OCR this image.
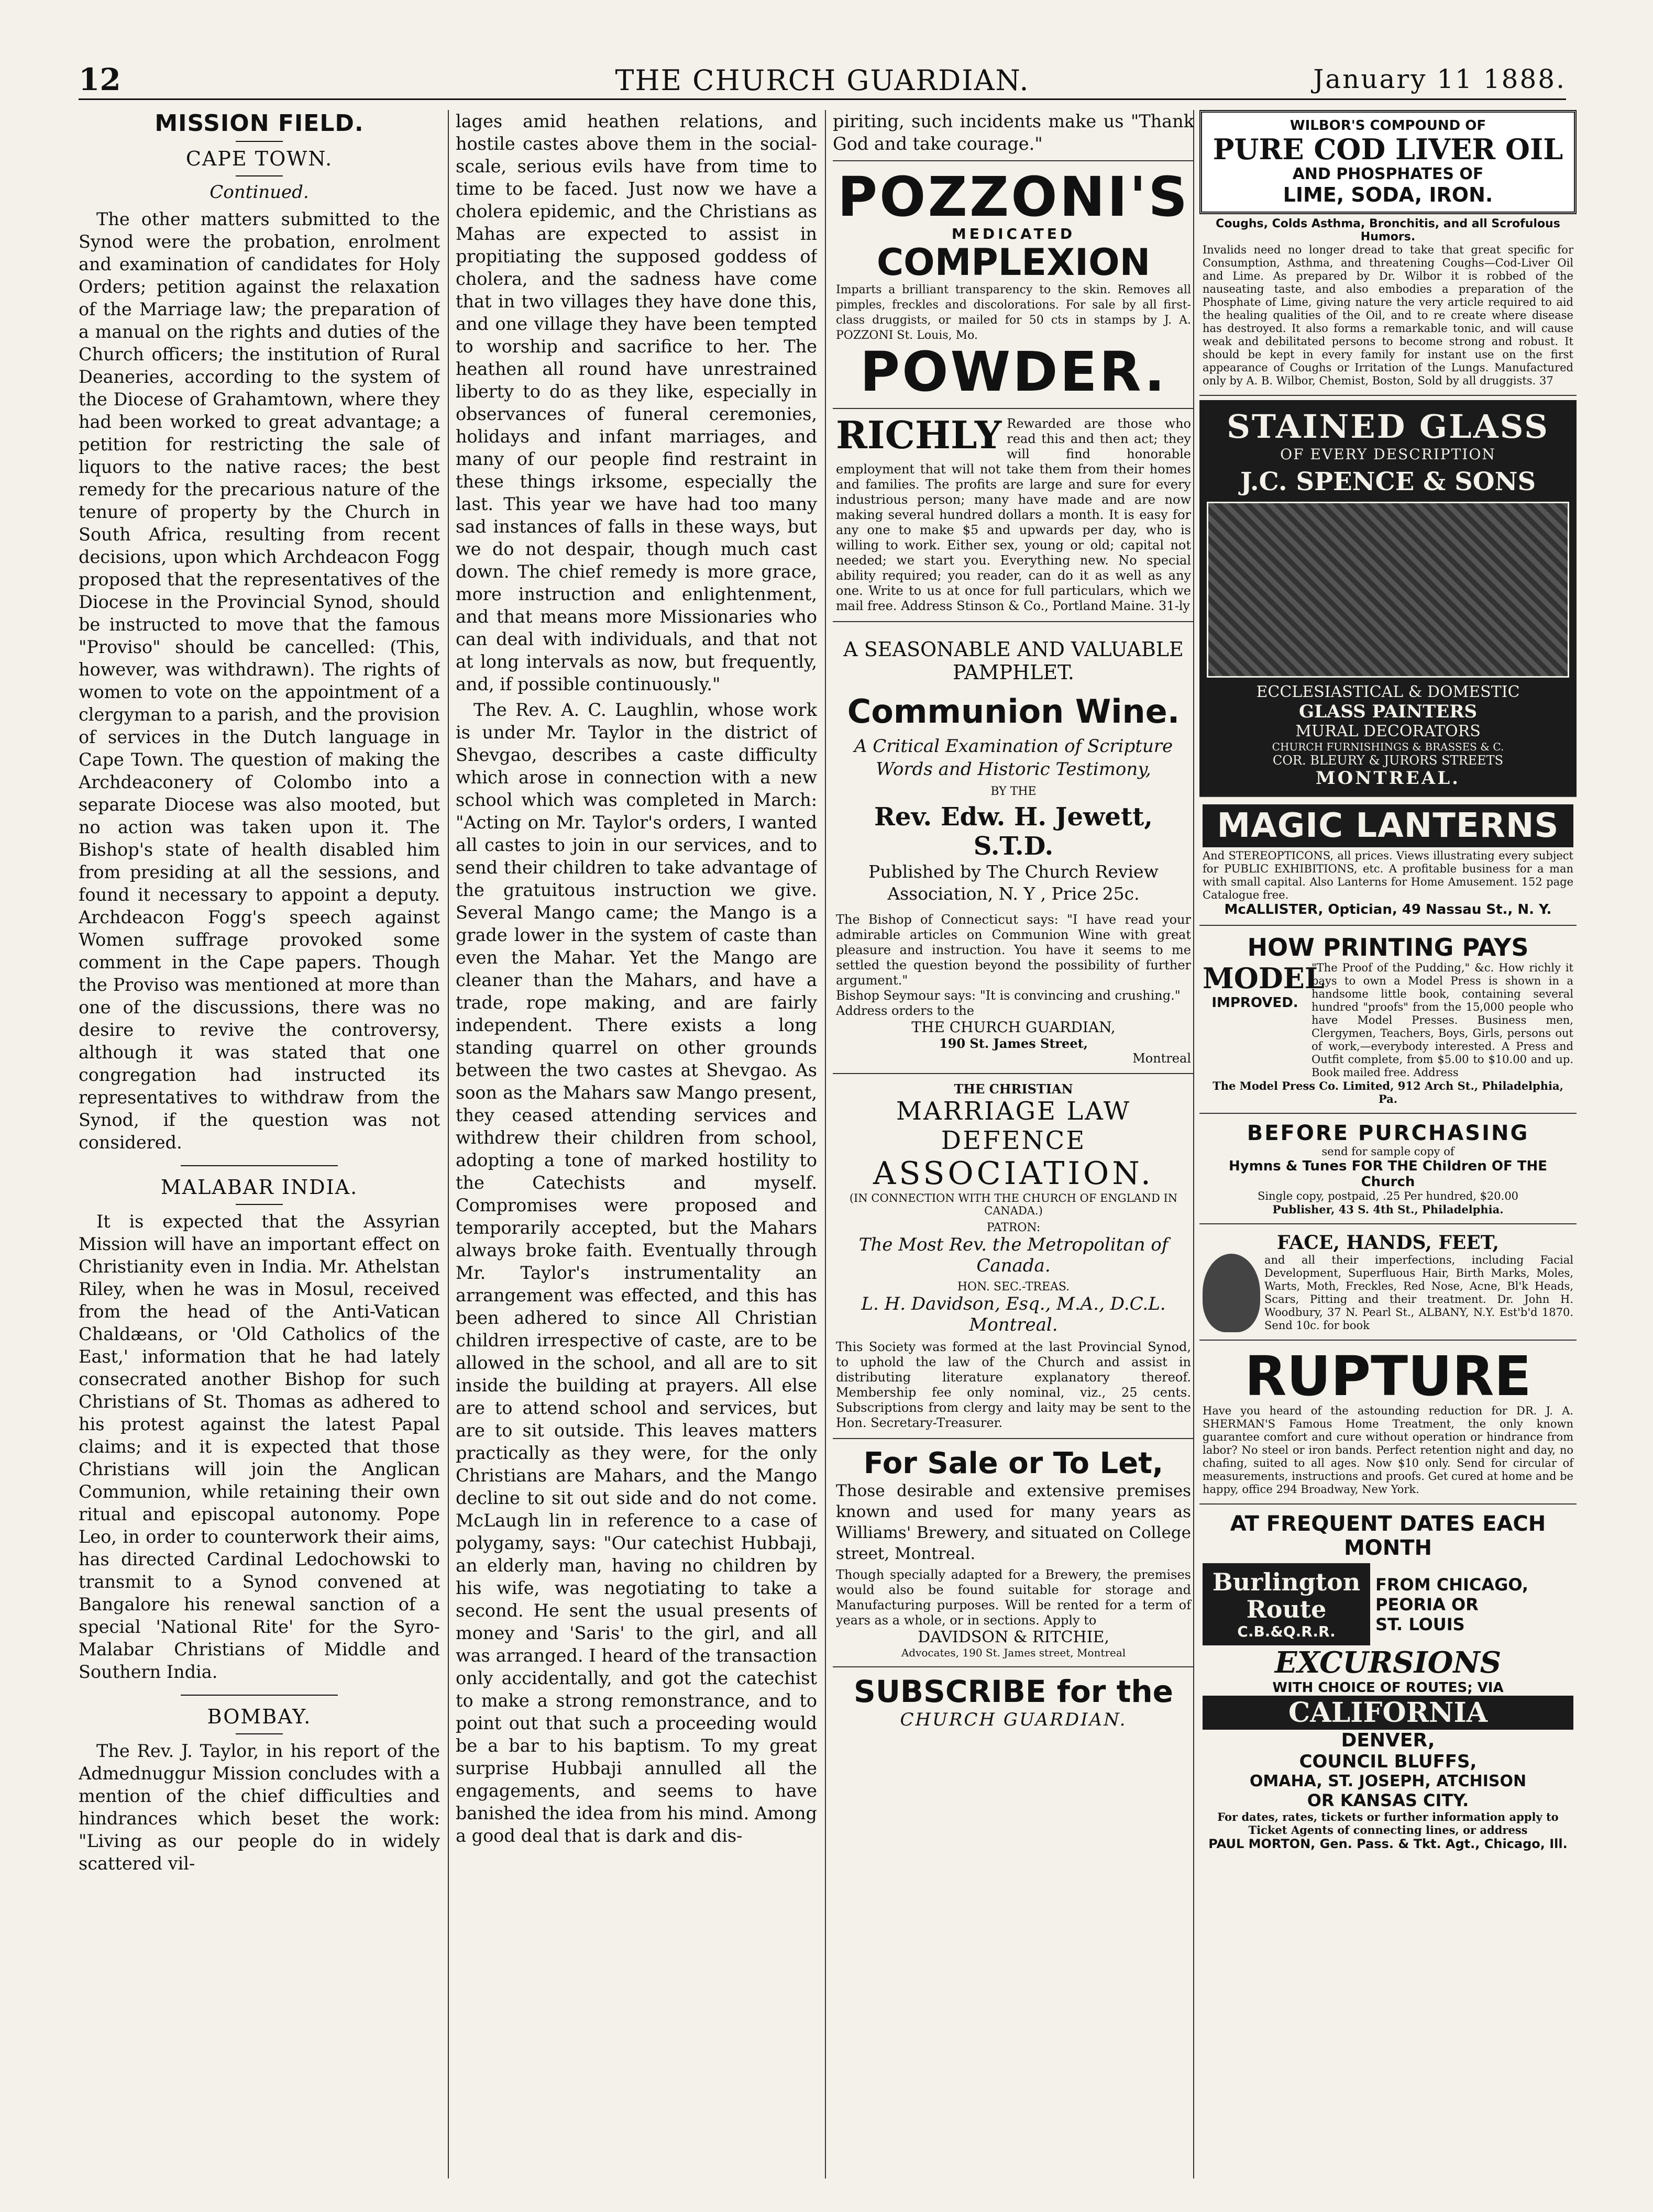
12	THE CHURCH GUARDIAN.	January 11 1888.
MISSION FIELD.
CAPE TOWN.
Continued.

The other matters submitted to the Synod were the probation, enrolment and examination of candidates for Holy Orders; petition against the relaxation of the Marriage law; the preparation of a manual on the rights and duties of the Church officers; the institution of Rural Deaneries, according to the system of the Diocese of Grahamtown, where they had been worked to great advantage; a petition for restricting the sale of liquors to the native races; the best remedy for the precarious nature of the tenure of property by the Church in South Africa, resulting from recent decisions, upon which Archdeacon Fogg proposed that the representatives of the Diocese in the Provincial Synod, should be instructed to move that the famous "Proviso" should be cancelled: (This, however, was withdrawn). The rights of women to vote on the appointment of a clergyman to a parish, and the provision of services in the Dutch language in Cape Town. The question of making the Archdeaconery of Colombo into a separate Diocese was also mooted, but no action was taken upon it. The Bishop's state of health disabled him from presiding at all the sessions, and found it necessary to appoint a deputy. Archdeacon Fogg's speech against Women suffrage provoked some comment in the Cape papers. Though the Proviso was mentioned at more than one of the discussions, there was no desire to revive the controversy, although it was stated that one congregation had instructed its representatives to withdraw from the Synod, if the question was not considered.

MALABAR INDIA.

It is expected that the Assyrian Mission will have an important effect on Christianity even in India. Mr. Athelstan Riley, when he was in Mosul, received from the head of the Anti-Vatican Chaldæans, or 'Old Catholics of the East,' information that he had lately consecrated another Bishop for such Christians of St. Thomas as adhered to his protest against the latest Papal claims; and it is expected that those Christians will join the Anglican Communion, while retaining their own ritual and episcopal autonomy. Pope Leo, in order to counterwork their aims, has directed Cardinal Ledochowski to transmit to a Synod convened at Bangalore his renewal sanction of a special 'National Rite' for the Syro-Malabar Christians of Middle and Southern India.

BOMBAY.

The Rev. J. Taylor, in his report of the Admednuggur Mission concludes with a mention of the chief difficulties and hindrances which beset the work: "Living as our people do in widely scattered vil-

lages amid heathen relations, and hostile castes above them in the social-scale, serious evils have from time to time to be faced. Just now we have a cholera epidemic, and the Christians as Mahas are expected to assist in propitiating the supposed goddess of cholera, and the sadness have come that in two villages they have done this, and one village they have been tempted to worship and sacrifice to her. The heathen all round have unrestrained liberty to do as they like, especially in observances of funeral ceremonies, holidays and infant marriages, and many of our people find restraint in these things irksome, especially the last. This year we have had too many sad instances of falls in these ways, but we do not despair, though much cast down. The chief remedy is more grace, more instruction and enlightenment, and that means more Missionaries who can deal with individuals, and that not at long intervals as now, but frequently, and, if possible continuously."

The Rev. A. C. Laughlin, whose work is under Mr. Taylor in the district of Shevgao, describes a caste difficulty which arose in connection with a new school which was completed in March: "Acting on Mr. Taylor's orders, I wanted all castes to join in our services, and to send their children to take advantage of the gratuitous instruction we give. Several Mango came; the Mango is a grade lower in the system of caste than even the Mahar. Yet the Mango are cleaner than the Mahars, and have a trade, rope making, and are fairly independent. There exists a long standing quarrel on other grounds between the two castes at Shevgao. As soon as the Mahars saw Mango present, they ceased attending services and withdrew their children from school, adopting a tone of marked hostility to the Catechists and myself. Compromises were proposed and temporarily accepted, but the Mahars always broke faith. Eventually through Mr. Taylor's instrumentality an arrangement was effected, and this has been adhered to since All Christian children irrespective of caste, are to be allowed in the school, and all are to sit inside the building at prayers. All else are to attend school and services, but are to sit outside. This leaves matters practically as they were, for the only Christians are Mahars, and the Mango decline to sit out side and do not come. McLaugh lin in reference to a case of polygamy, says: "Our catechist Hubbaji, an elderly man, having no children by his wife, was negotiating to take a second. He sent the usual presents of money and 'Saris' to the girl, and all was arranged. I heard of the transaction only accidentally, and got the catechist to make a strong remonstrance, and to point out that such a proceeding would be a bar to his baptism. To my great surprise Hubbaji annulled all the engagements, and seems to have banished the idea from his mind. Among a good deal that is dark and dis-

piriting, such incidents make us "Thank God and take courage."

POZZONI'S
MEDICATED
COMPLEXION
Imparts a brilliant transparency to the skin. Removes all pimples, freckles and discolorations. For sale by all first-class druggists, or mailed for 50 cts in stamps by J. A. POZZONI St. Louis, Mo.
POWDER.
RICHLY Rewarded are those who read this and then act; they will find honorable employment that will not take them from their homes and families. The profits are large and sure for every industrious person; many have made and are now making several hundred dollars a month. It is easy for any one to make $5 and upwards per day, who is willing to work. Either sex, young or old; capital not needed; we start you. Everything new. No special ability required; you reader, can do it as well as any one. Write to us at once for full particulars, which we mail free. Address Stinson & Co., Portland Maine. 31-ly
A SEASONABLE AND VALUABLE PAMPHLET.
Communion Wine.
A Critical Examination of Scripture Words and Historic Testimony,
BY THE
Rev. Edw. H. Jewett, S.T.D.
Published by The Church Review Association, N. Y , Price 25c.
The Bishop of Connecticut says: "I have read your admirable articles on Communion Wine with great pleasure and instruction. You have it seems to me settled the question beyond the possibility of further argument."
Bishop Seymour says: "It is convincing and crushing."
Address orders to the
THE CHURCH GUARDIAN,
190 St. James Street,
Montreal
THE CHRISTIAN
MARRIAGE LAW DEFENCE
ASSOCIATION.
(IN CONNECTION WITH THE CHURCH OF ENGLAND IN CANADA.)
PATRON:
The Most Rev. the Metropolitan of Canada.
HON. SEC.-TREAS.
L. H. Davidson, Esq., M.A., D.C.L. Montreal.
This Society was formed at the last Provincial Synod, to uphold the law of the Church and assist in distributing literature explanatory thereof. Membership fee only nominal, viz., 25 cents. Subscriptions from clergy and laity may be sent to the Hon. Secretary-Treasurer.
For Sale or To Let,
Those desirable and extensive premises known and used for many years as Williams' Brewery, and situated on College street, Montreal.
Though specially adapted for a Brewery, the premises would also be found suitable for storage and Manufacturing purposes. Will be rented for a term of years as a whole, or in sections. Apply to
DAVIDSON & RITCHIE,
Advocates, 190 St. James street, Montreal
SUBSCRIBE for the
CHURCH GUARDIAN.
WILBOR'S COMPOUND OF
PURE COD LIVER OIL
AND PHOSPHATES OF
LIME, SODA, IRON.
Coughs, Colds Asthma, Bronchitis, and all Scrofulous Humors.
Invalids need no longer dread to take that great specific for Consumption, Asthma, and threatening Coughs—Cod-Liver Oil and Lime. As prepared by Dr. Wilbor it is robbed of the nauseating taste, and also embodies a preparation of the Phosphate of Lime, giving nature the very article required to aid the healing qualities of the Oil, and to re create where disease has destroyed. It also forms a remarkable tonic, and will cause weak and debilitated persons to become strong and robust. It should be kept in every family for instant use on the first appearance of Coughs or Irritation of the Lungs. Manufactured only by A. B. Wilbor, Chemist, Boston, Sold by all druggists. 37
STAINED GLASS
OF EVERY DESCRIPTION
J.C. SPENCE & SONS
ECCLESIASTICAL & DOMESTIC
GLASS PAINTERS
MURAL DECORATORS
CHURCH FURNISHINGS & BRASSES & C.
COR. BLEURY & JURORS STREETS
MONTREAL.
MAGIC LANTERNS
And STEREOPTICONS, all prices. Views illustrating every subject for PUBLIC EXHIBITIONS, etc. A profitable business for a man with small capital. Also Lanterns for Home Amusement. 152 page Catalogue free.
McALLISTER, Optician, 49 Nassau St., N. Y.
HOW PRINTING PAYS
MODEL
IMPROVED.
"The Proof of the Pudding," &c. How richly it pays to own a Model Press is shown in a handsome little book, containing several hundred "proofs" from the 15,000 people who have Model Presses. Business men, Clergymen, Teachers, Boys, Girls, persons out of work,—everybody interested. A Press and Outfit complete, from $5.00 to $10.00 and up. Book mailed free. Address
The Model Press Co. Limited, 912 Arch St., Philadelphia, Pa.
BEFORE PURCHASING
send for sample copy of
Hymns & Tunes FOR THE Children OF THE Church
Single copy, postpaid, .25 Per hundred, $20.00
Publisher, 43 S. 4th St., Philadelphia.
FACE, HANDS, FEET,
and all their imperfections, including Facial Development, Superfluous Hair, Birth Marks, Moles, Warts, Moth, Freckles, Red Nose, Acne, Bl'k Heads, Scars, Pitting and their treatment. Dr. John H. Woodbury, 37 N. Pearl St., ALBANY, N.Y. Est'b'd 1870. Send 10c. for book
RUPTURE
Have you heard of the astounding reduction for DR. J. A. SHERMAN'S Famous Home Treatment, the only known guarantee comfort and cure without operation or hindrance from labor? No steel or iron bands. Perfect retention night and day, no chafing, suited to all ages. Now $10 only. Send for circular of measurements, instructions and proofs. Get cured at home and be happy, office 294 Broadway, New York.
AT FREQUENT DATES EACH MONTH
Burlington Route
C.B.&Q.R.R.
FROM CHICAGO,
PEORIA OR
ST. LOUIS
EXCURSIONS
WITH CHOICE OF ROUTES; VIA
CALIFORNIA
DENVER,
COUNCIL BLUFFS,
OMAHA, ST. JOSEPH, ATCHISON
OR KANSAS CITY.
For dates, rates, tickets or further information apply to Ticket Agents of connecting lines, or address
PAUL MORTON, Gen. Pass. & Tkt. Agt., Chicago, Ill.
